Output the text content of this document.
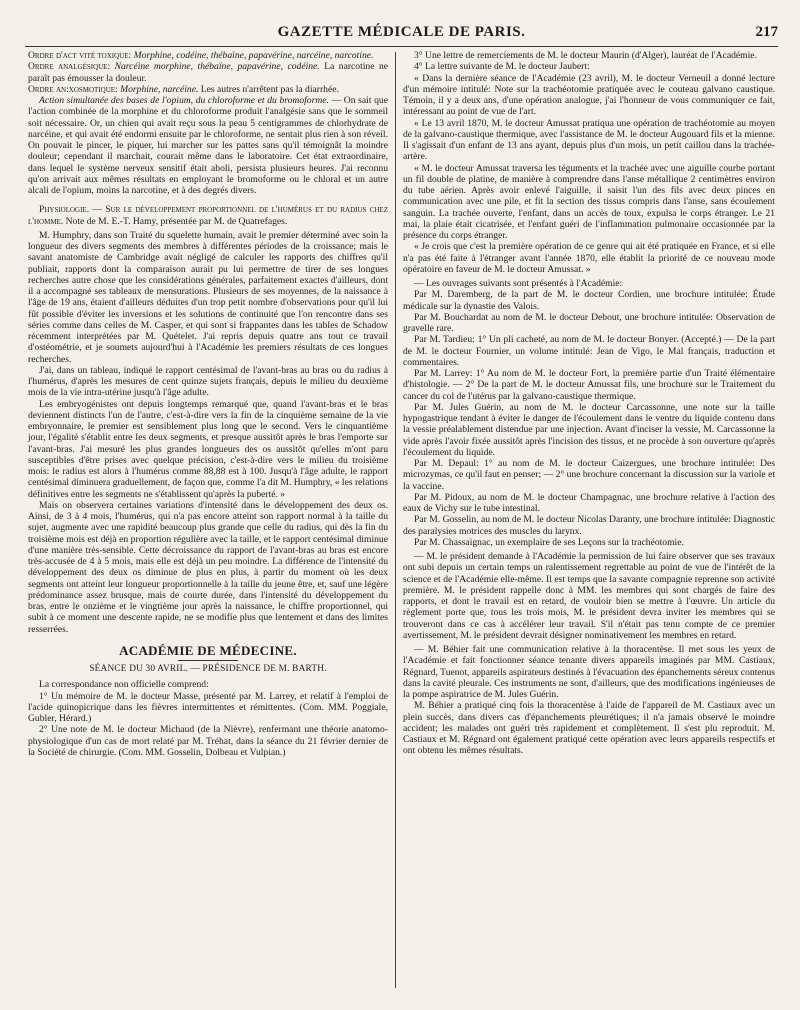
GAZETTE MÉDICALE DE PARIS.	217

Ordre d'act vité toxique: Morphine, codéine, thébaïne, papavérine, narcéine, narcotine.

Ordre analgésique: Narcéine morphine, thébaïne, papavérine, codéine. La narcotine ne paraît pas émousser la douleur.

Ordre an:xosmotique: Morphine, narcéine. Les autres n'arrêtent pas la diarrhée.

Action simultanée des bases de l'opium, du chloroforme et du bromoforme. — On sait que l'action combinée de la morphine et du chloroforme produit l'analgésie sans que le sommeil soit nécessaire. Or, un chien qui avait reçu sous la peau 5 centigrammes de chlorhydrate de narcéine, et qui avait été endormi ensuite par le chloroforme, ne sentait plus rien à son réveil. On pouvait le pincer, le piquer, lui marcher sur les pattes sans qu'il témoignât la moindre douleur; cependant il marchait, courait même dans le laboratoire. Cet état extraordinaire, dans lequel le système nerveux sensitif était aboli, persista plusieurs heures. J'ai reconnu qu'on arrivait aux mêmes résultats en employant le bromoforme ou le chloral et un autre alcali de l'opium, moins la narcotine, et à des degrés divers.

Physiologie. — Sur le développement proportionnel de l'humérus et du radius chez l'homme. Note de M. E.-T. Hamy, présentée par M. de Quatrefages.

M. Humphry, dans son Traité du squelette humain, avait le premier déterminé avec soin la longueur des divers segments des membres à différentes périodes de la croissance; mais le savant anatomiste de Cambridge avait négligé de calculer les rapports des chiffres qu'il publiait, rapports dont la comparaison aurait pu lui permettre de tirer de ses longues recherches autre chose que les considérations générales, parfaitement exactes d'ailleurs, dont il a accompagné ses tableaux de mensurations. Plusieurs de ses moyennes, de la naissance à l'âge de 19 ans, étaient d'ailleurs déduites d'un trop petit nombre d'observations pour qu'il lui fût possible d'éviter les inversions et les solutions de continuité que l'on rencontre dans ses séries comme dans celles de M. Casper, et qui sont si frappantes dans les tables de Schadow récemment interprétées par M. Quételet. J'ai repris depuis quatre ans tout ce travail d'ostéométrie, et je soumets aujourd'hui à l'Académie les premiers résultats de ces longues recherches.

J'ai, dans un tableau, indiqué le rapport centésimal de l'avant-bras au bras ou du radius à l'humérus, d'après les mesures de cent quinze sujets français, depuis le milieu du deuxième mois de la vie intra-utérine jusqu'à l'âge adulte.

Les embryogénistes ont depuis longtemps remarqué que, quand l'avant-bras et le bras deviennent distincts l'un de l'autre, c'est-à-dire vers la fin de la cinquième semaine de la vie embryonnaire, le premier est sensiblement plus long que le second. Vers le cinquantième jour, l'égalité s'établit entre les deux segments, et presque aussitôt après le bras l'emporte sur l'avant-bras. J'ai mesuré les plus grandes longueurs des os aussitôt qu'elles m'ont paru susceptibles d'être prises avec quelque précision, c'est-à-dire vers le milieu du troisième mois: le radius est alors à l'humérus comme 88,88 est à 100. Jusqu'à l'âge adulte, le rapport centésimal diminuera graduellement, de façon que, comme l'a dit M. Humphry, « les relations définitives entre les segments ne s'établissent qu'après la puberté. »

Mais on observera certaines variations d'intensité dans le développement des deux os. Ainsi, de 3 à 4 mois, l'humérus, qui n'a pas encore atteint son rapport normal à la taille du sujet, augmente avec une rapidité beaucoup plus grande que celle du radius, qui dès la fin du troisième mois est déjà en proportion régulière avec la taille, et le rapport centésimal diminue d'une manière très-sensible. Cette décroissance du rapport de l'avant-bras au bras est encore très-accusée de 4 à 5 mois, mais elle est déjà un peu moindre. La différence de l'intensité du développement des deux os diminue de plus en plus, à partir du moment où les deux segments ont atteint leur longueur proportionnelle à la taille du jeune être, et, sauf une légère prédominance assez brusque, mais de courte durée, dans l'intensité du développement du bras, entre le onzième et le vingtième jour après la naissance, le chiffre proportionnel, qui subit à ce moment une descente rapide, ne se modifie plus que lentement et dans des limites resserrées.

ACADÉMIE DE MÉDECINE.
SÉANCE DU 30 AVRIL. — PRÉSIDENCE DE M. BARTH.

La correspondance non officielle comprend:

1° Un mémoire de M. le docteur Masse, présenté par M. Larrey, et relatif à l'emploi de l'acide quinopicrique dans les fièvres intermittentes et rémittentes. (Com. MM. Poggiale, Gubler, Hérard.)

2° Une note de M. le docteur Michaud (de la Nièvre), renfermant une théorie anatomo-physiologique d'un cas de mort relaté par M. Tréhat, dans la séance du 21 février dernier de la Société de chirurgie. (Com. MM. Gosselin, Dolbeau et Vulpian.)

3° Une lettre de remerciements de M. le docteur Maurin (d'Alger), lauréat de l'Académie.

4° La lettre suivante de M. le docteur Jaubert:

« Dans la dernière séance de l'Académie (23 avril), M. le docteur Verneuil a donné lecture d'un mémoire intitulé: Note sur la trachéotomie pratiquée avec le couteau galvano caustique. Témoin, il y a deux ans, d'une opération analogue, j'ai l'honneur de vous communiquer ce fait, intéressant au point de vue de l'art.

« Le 13 avril 1870, M. le docteur Amussat pratiqua une opération de trachéotomie au moyen de la galvano-caustique thermique, avec l'assistance de M. le docteur Augouard fils et la mienne. Il s'agissait d'un enfant de 13 ans ayant, depuis plus d'un mois, un petit caillou dans la trachée-artère.

« M. le docteur Amussat traversa les téguments et la trachée avec une aiguille courbe portant un fil double de platine, de manière à comprendre dans l'anse métallique 2 centimètres environ du tube aérien. Après avoir enlevé l'aiguille, il saisit l'un des fils avec deux pinces en communication avec une pile, et fit la section des tissus compris dans l'anse, sans écoulement sanguin. La trachée ouverte, l'enfant, dans un accès de toux, expulsa le corps étranger. Le 21 mai, la plaie était cicatrisée, et l'enfant guéri de l'inflammation pulmonaire occasionnée par la présence du corps étranger.

« Je crois que c'est la première opération de ce genre qui ait été pratiquée en France, et si elle n'a pas été faite à l'étranger avant l'année 1870, elle établit la priorité de ce nouveau mode opératoire en faveur de M. le docteur Amussat. »

— Les ouvrages suivants sont présentés à l'Académie:

Par M. Daremberg, de la part de M. le docteur Cordien, une brochure intitulée: Étude médicale sur la dynastie des Valois.

Par M. Bouchardat au nom de M. le docteur Debout, une brochure intitulée: Observation de gravelle rare.

Par M. Tardieu: 1° Un pli cacheté, au nom de M. le docteur Bonyer. (Accepté.) — De la part de M. le docteur Fournier, un volume intitulé: Jean de Vigo, le Mal français, traduction et commentaires.

Par M. Larrey: 1° Au nom de M. le docteur Fort, la première partie d'un Traité élémentaire d'histologie. — 2° De la part de M. le docteur Amussat fils, une brochure sur le Traitement du cancer du col de l'utérus par la galvano-caustique thermique.

Par M. Jules Guérin, au nom de M. le docteur Carcassonne, une note sur la taille hypogastrique tendant à éviter le danger de l'écoulement dans le ventre du liquide contenu dans la vessie préalablement distendue par une injection. Avant d'inciser la vessie, M. Carcassonne la vide après l'avoir fixée aussitôt après l'incision des tissus, et ne procède à son ouverture qu'après l'écoulement du liquide.

Par M. Depaul: 1° au nom de M. le docteur Caizergues, une brochure intitulée: Des microzymas, ce qu'il faut en penser; — 2° une brochure concernant la discussion sur la variole et la vaccine.

Par M. Pidoux, au nom de M. le docteur Champagnac, une brochure relative à l'action des eaux de Vichy sur le tube intestinal.

Par M. Gosselin, au nom de M. le docteur Nicolas Daranty, une brochure intitulée: Diagnostic des paralysies motrices des muscles du larynx.

Par M. Chassaignac, un exemplaire de ses Leçons sur la trachéotomie.

— M. le président demande à l'Académie la permission de lui faire observer que ses travaux ont subi depuis un certain temps un ralentissement regrettable au point de vue de l'intérêt de la science et de l'Académie elle-même. Il est temps que la savante compagnie reprenne son activité première. M. le président rappelle donc à MM. les membres qui sont chargés de faire des rapports, et dont le travail est en retard, de vouloir bien se mettre à l'œuvre. Un article du règlement porte que, tous les trois mois, M. le président devra inviter les membres qui se trouveront dans ce cas à accélérer leur travail. S'il n'était pas tenu compte de ce premier avertissement, M. le président devrait désigner nominativement les membres en retard.

— M. Béhier fait une communication relative à la thoracentèse. Il met sous les yeux de l'Académie et fait fonctionner séance tenante divers appareils imaginés par MM. Castiaux, Régnard, Tuenot, appareils aspirateurs destinés à l'évacuation des épanchements séreux contenus dans la cavité pleurale. Ces instruments ne sont, d'ailleurs, que des modifications ingénieuses de la pompe aspiratrice de M. Jules Guérin.

M. Béhier a pratiqué cinq fois la thoracentèse à l'aide de l'appareil de M. Castiaux avec un plein succès, dans divers cas d'épanchements pleurétiques; il n'a jamais observé le moindre accident; les malades ont guéri très rapidement et complètement. Il s'est plu reproduit. M. Castiaux et M. Régnard ont également pratiqué cette opération avec leurs appareils respectifs et ont obtenu les mêmes résultats.
